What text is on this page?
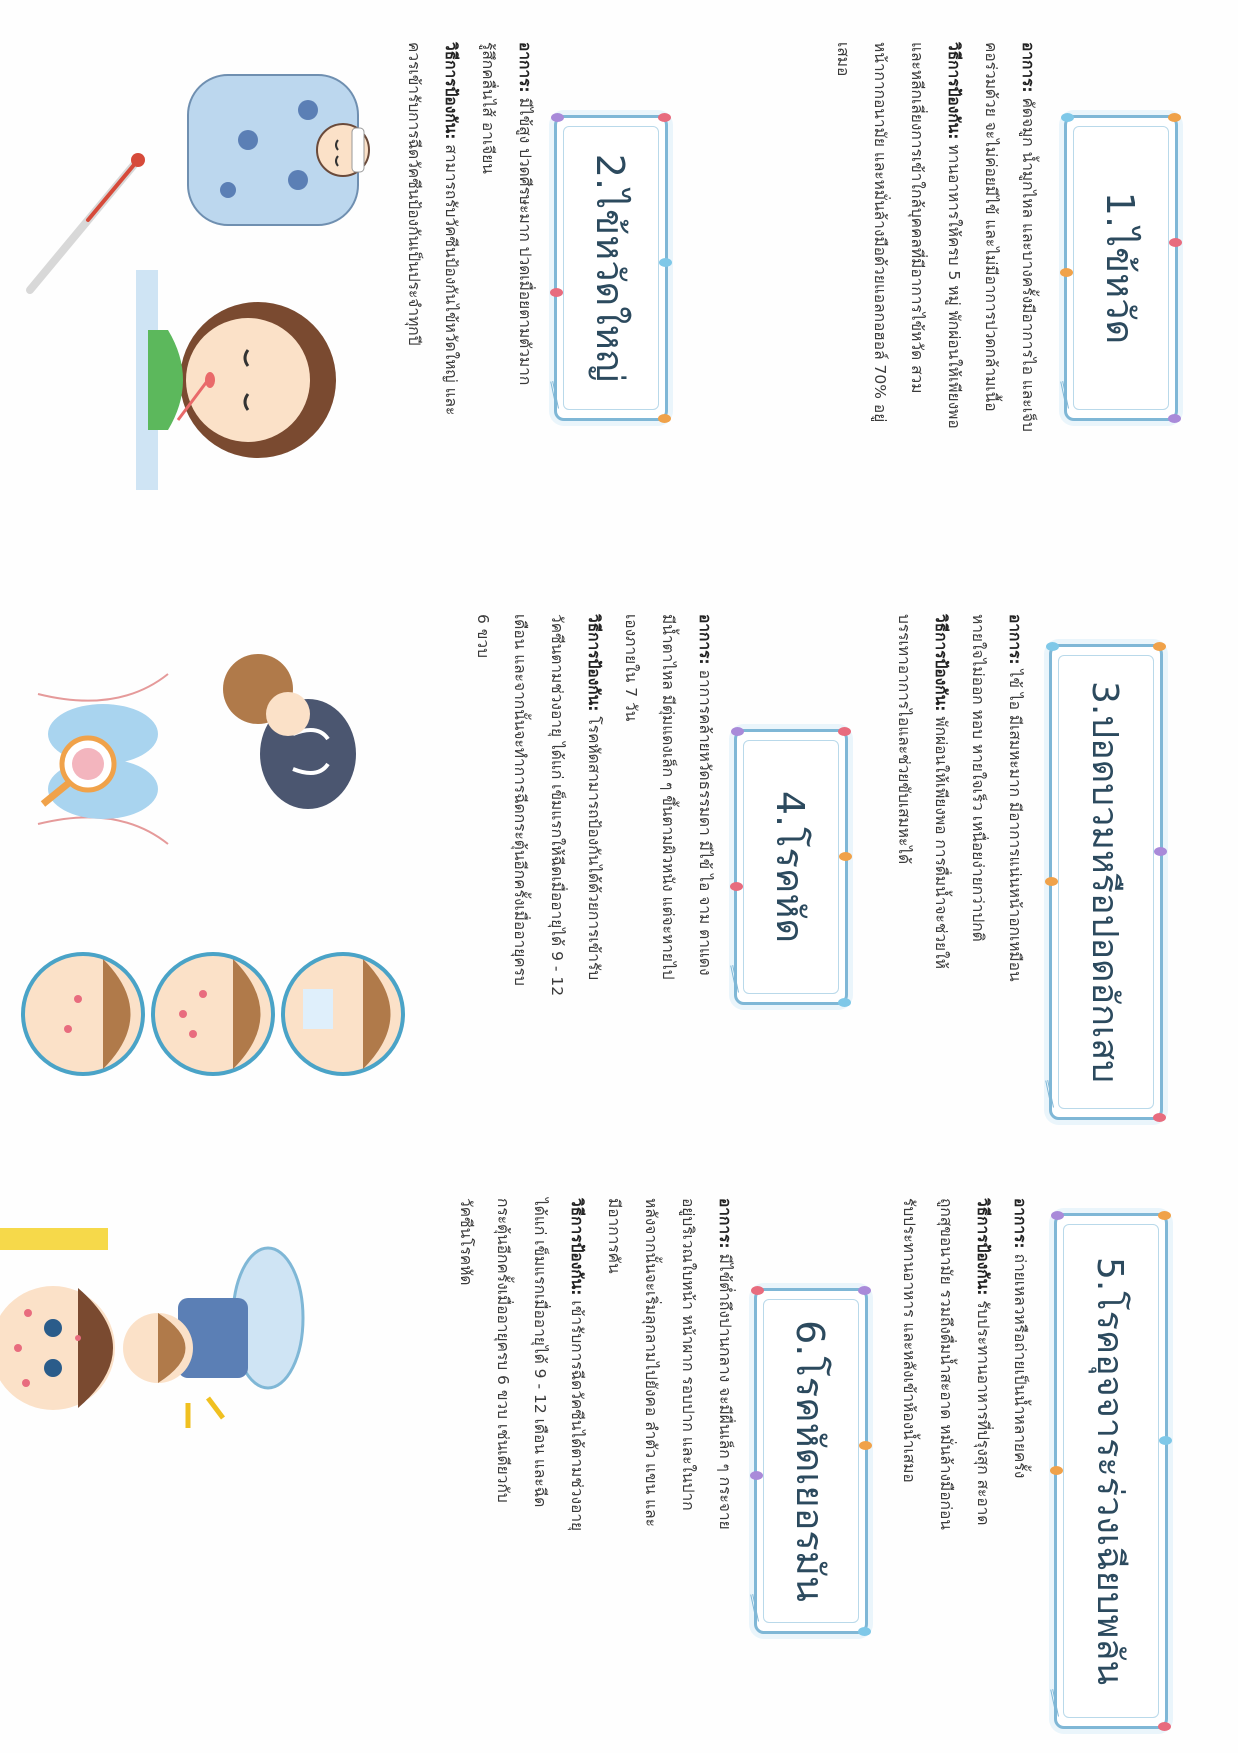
1.ไข้หวัด
อาการ: คัดจมูก น้ำมูกไหล และบางครั้งมีอาการไอ และเจ็บ
คอร่วมด้วย จะไม่ค่อยมีไข้ และไม่มีอาการปวดกล้ามเนื้อ
วิธีการป้องกัน: ทานอาหารให้ครบ 5 หมู่ พักผ่อนให้เพียงพอ
และหลีกเลี่ยงการเข้าใกล้บุคคลที่มีอาการไข้หวัด สวม
หน้ากากอนามัย และหมั่นล้างมือด้วยแอลกอฮอล์ 70% อยู่
เสมอ
2.ไข้หวัดใหญ่
อาการ: มีไข้สูง ปวดศีรษะมาก ปวดเมื่อยตามตัวมาก
รู้สึกคลื่นไส้ อาเจียน
วิธีการป้องกัน: สามารถรับวัคซีนป้องกันไข้หวัดใหญ่ และ
ควรเข้ารับการฉีดวัคซีนป้องกันเป็นประจำทุกปี
3.ปอดบวมหรือปอดอักเสบ
อาการ: ไข้ ไอ มีเสมหะมาก มีอาการแน่นหน้าอกเหมือน
หายใจไม่ออก หอบ หายใจเร็ว เหนื่อยง่ายกว่าปกติ
วิธีการป้องกัน: พักผ่อนให้เพียงพอ การดื่มน้ำจะช่วยให้
บรรเทาอาการไอและช่วยขับเสมหะได้
4.โรคหัด
อาการ: อาการคล้ายหวัดธรรมดา มีไข้ ไอ จาม ตาแดง
มีน้ำตาไหล มีตุ่มแดงเล็ก ๆ ขึ้นตามผิวหนัง แต่จะหายไป
เองภายใน 7 วัน
วิธีการป้องกัน: โรคหัดสามารถป้องกันได้ด้วยการเข้ารับ
วัคซีนตามช่วงอายุ ได้แก่ เข็มแรกให้ฉีดเมื่ออายุได้ 9 - 12
เดือน และจากนั้นจะทำการฉีดกระตุ้นอีกครั้งเมื่ออายุครบ
6 ขวบ
5.โรคอุจจาระร่วงเฉียบพลัน
อาการ: ถ่ายเหลวหรือถ่ายเป็นน้ำหลายครั้ง
วิธีการป้องกัน: รับประทานอาหารที่ปรุงสุก สะอาด
ถูกสุขอนามัย รวมถึงดื่มน้ำสะอาด หมั่นล้างมือก่อน
รับประทานอาหาร และหลังเข้าห้องน้ำเสมอ
6.โรคหัดเยอรมัน
อาการ: มีไข้ต่ำถึงปานกลาง จะมีผื่นเล็ก ๆ กระจาย
อยู่บริเวณใบหน้า หน้าผาก รอบปาก และในปาก
หลังจากนั้นจะเริ่มลุกลามไปยังคอ ลำตัว แขน และ
มีอาการคัน
วิธีการป้องกัน: เข้ารับการฉีดวัคซีนได้ตามช่วงอายุ
ได้แก่ เข็มแรกเมื่ออายุได้ 9 - 12 เดือน และฉีด
กระตุ้นอีกครั้งเมื่ออายุครบ 6 ขวบ เช่นเดียวกับ
วัคซีนโรคหัด
